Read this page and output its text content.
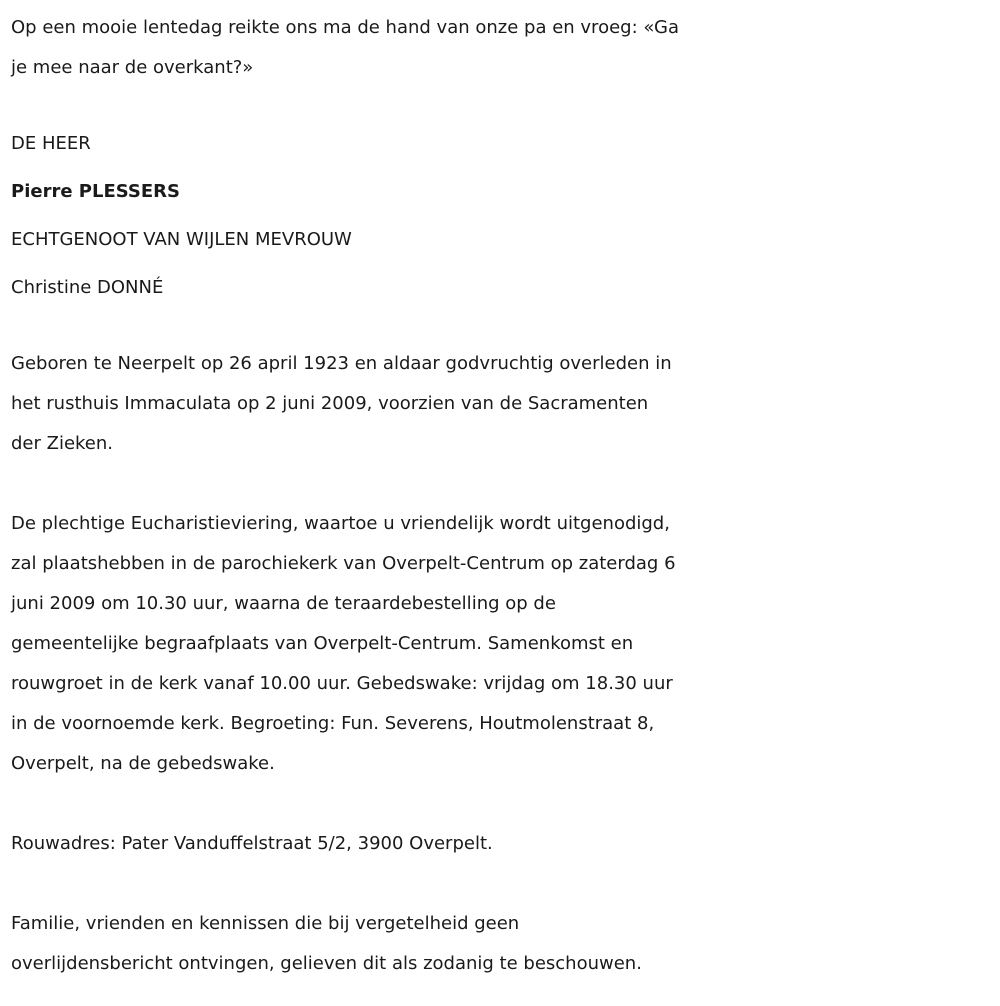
Op een mooie lentedag reikte ons ma de hand van onze pa en vroeg: «Ga
je mee naar de overkant?»
DE HEER
Pierre PLESSERS
ECHTGENOOT VAN WIJLEN MEVROUW
Christine DONNÉ
Geboren te Neerpelt op 26 april 1923 en aldaar godvruchtig overleden in
het rusthuis Immaculata op 2 juni 2009, voorzien van de Sacramenten
der Zieken.
De plechtige Eucharistieviering, waartoe u vriendelijk wordt uitgenodigd,
zal plaatshebben in de parochiekerk van Overpelt-Centrum op zaterdag 6
juni 2009 om 10.30 uur, waarna de teraardebestelling op de
gemeentelijke begraafplaats van Overpelt-Centrum. Samenkomst en
rouwgroet in de kerk vanaf 10.00 uur. Gebedswake: vrijdag om 18.30 uur
in de voornoemde kerk. Begroeting: Fun. Severens, Houtmolenstraat 8,
Overpelt, na de gebedswake.
Rouwadres: Pater Vanduffelstraat 5/2, 3900 Overpelt.
Familie, vrienden en kennissen die bij vergetelheid geen
overlijdensbericht ontvingen, gelieven dit als zodanig te beschouwen.
